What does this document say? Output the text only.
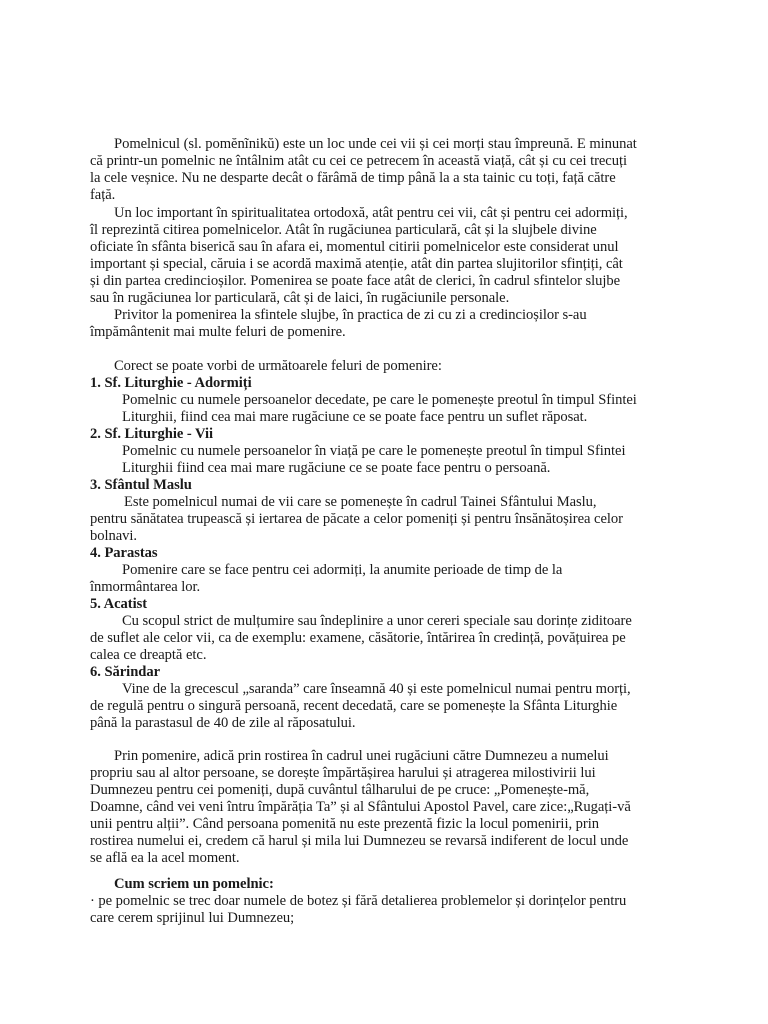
Pomelnicul (sl. pomĕnĩnikŭ) este un loc unde cei vii și cei morți stau împreună. E minunat
că printr-un pomelnic ne întâlnim atât cu cei ce petrecem în această viață, cât și cu cei trecuți
la cele veșnice. Nu ne desparte decât o fărâmă de timp până la a sta tainic cu toți, față către
față.
Un loc important în spiritualitatea ortodoxă, atât pentru cei vii, cât și pentru cei adormiți,
îl reprezintă citirea pomelnicelor. Atât în rugăciunea particulară, cât și la slujbele divine
oficiate în sfânta biserică sau în afara ei, momentul citirii pomelnicelor este considerat unul
important și special, căruia i se acordă maximă atenție, atât din partea slujitorilor sfințiți, cât
și din partea credincioșilor. Pomenirea se poate face atât de clerici, în cadrul sfintelor slujbe
sau în rugăciunea lor particulară, cât și de laici, în rugăciunile personale.
Privitor la pomenirea la sfintele slujbe, în practica de zi cu zi a credincioșilor s-au
împământenit mai multe feluri de pomenire.
Corect se poate vorbi de următoarele feluri de pomenire:
1. Sf. Liturghie - Adormiți
Pomelnic cu numele persoanelor decedate, pe care le pomenește preotul în timpul Sfintei
Liturghii, fiind cea mai mare rugăciune ce se poate face pentru un suflet răposat.
2. Sf. Liturghie - Vii
Pomelnic cu numele persoanelor în viață pe care le pomenește preotul în timpul Sfintei
Liturghii fiind cea mai mare rugăciune ce se poate face pentru o persoană.
3. Sfântul Maslu
Este pomelnicul numai de vii care se pomenește în cadrul Tainei Sfântului Maslu,
pentru sănătatea trupească și iertarea de păcate a celor pomeniți și pentru însănătoșirea celor
bolnavi.
4. Parastas
Pomenire care se face pentru cei adormiți, la anumite perioade de timp de la
înmormântarea lor.
5. Acatist
Cu scopul strict de mulțumire sau îndeplinire a unor cereri speciale sau dorințe ziditoare
de suflet ale celor vii, ca de exemplu: examene, căsătorie, întărirea în credință, povățuirea pe
calea ce dreaptă etc.
6. Sărindar
Vine de la grecescul „saranda” care înseamnă 40 și este pomelnicul numai pentru morți,
de regulă pentru o singură persoană, recent decedată, care se pomenește la Sfânta Liturghie
până la parastasul de 40 de zile al răposatului.
Prin pomenire, adică prin rostirea în cadrul unei rugăciuni către Dumnezeu a numelui
propriu sau al altor persoane, se dorește împărtășirea harului și atragerea milostivirii lui
Dumnezeu pentru cei pomeniți, după cuvântul tâlharului de pe cruce: „Pomenește-mă,
Doamne, când vei veni întru împărăția Ta” și al Sfântului Apostol Pavel, care zice:„Rugați-vă
unii pentru alții”. Când persoana pomenită nu este prezentă fizic la locul pomenirii, prin
rostirea numelui ei, credem că harul și mila lui Dumnezeu se revarsă indiferent de locul unde
se află ea la acel moment.
Cum scriem un pomelnic:
· pe pomelnic se trec doar numele de botez și fără detalierea problemelor și dorințelor pentru
care cerem sprijinul lui Dumnezeu;
